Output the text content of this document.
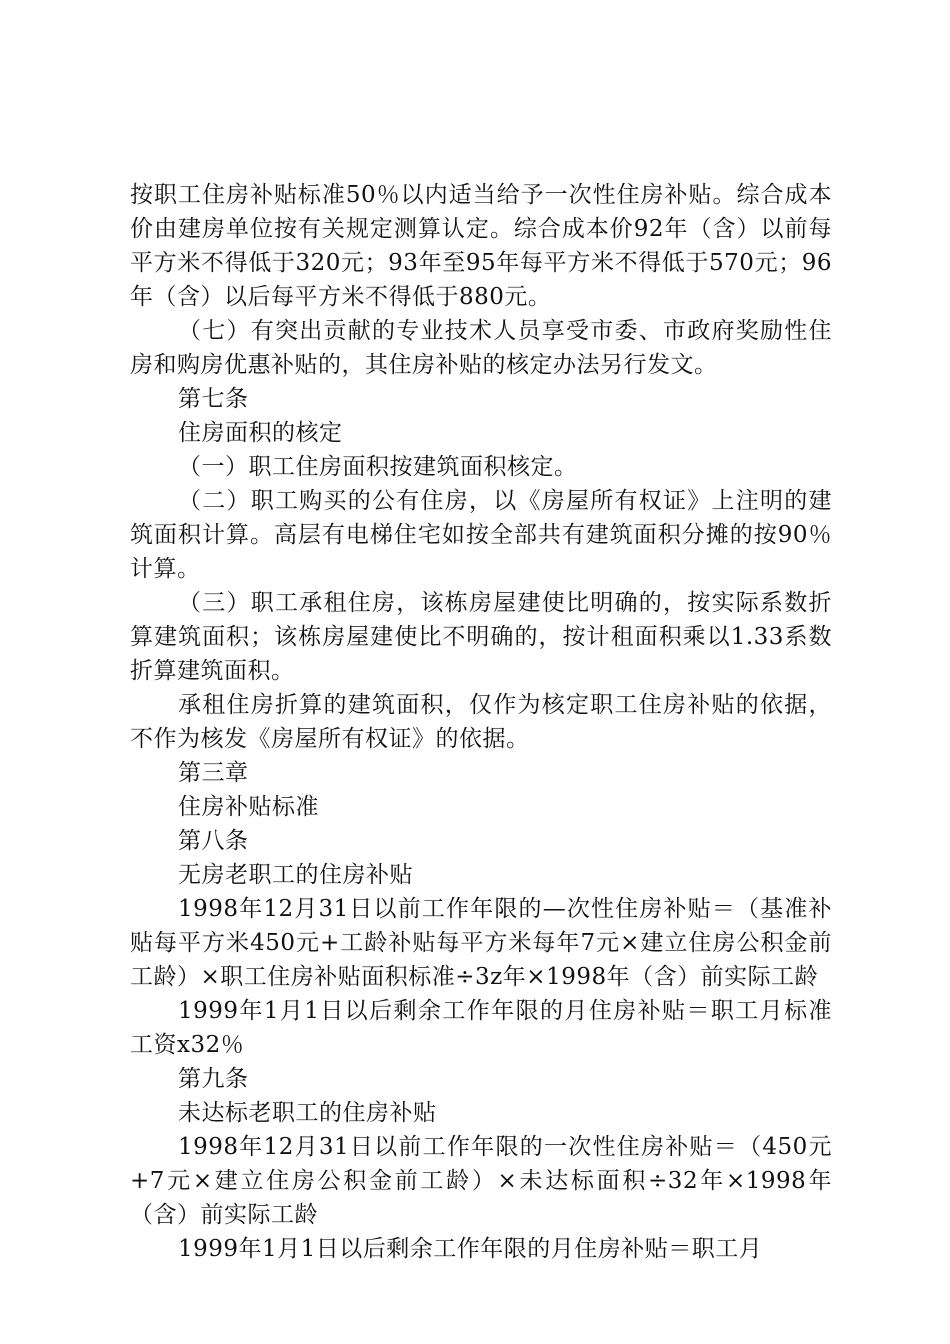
按职工住房补贴标准50％以内适当给予一次性住房补贴。综合成本价由建房单位按有关规定测算认定。综合成本价92年（含）以前每平方米不得低于320元；93年至95年每平方米不得低于570元；96年（含）以后每平方米不得低于880元。

（七）有突出贡献的专业技术人员享受市委、市政府奖励性住房和购房优惠补贴的，其住房补贴的核定办法另行发文。

第七条

住房面积的核定

（一）职工住房面积按建筑面积核定。

（二）职工购买的公有住房，以《房屋所有权证》上注明的建筑面积计算。高层有电梯住宅如按全部共有建筑面积分摊的按90％计算。

（三）职工承租住房，该栋房屋建使比明确的，按实际系数折算建筑面积；该栋房屋建使比不明确的，按计租面积乘以1.33系数折算建筑面积。

承租住房折算的建筑面积，仅作为核定职工住房补贴的依据，不作为核发《房屋所有权证》的依据。

第三章

住房补贴标准

第八条

无房老职工的住房补贴

1998年12月31日以前工作年限的—次性住房补贴＝（基准补贴每平方米450元+工龄补贴每平方米每年7元×建立住房公积金前工龄）×职工住房补贴面积标准÷3z年×1998年（含）前实际工龄

1999年1月1日以后剩余工作年限的月住房补贴＝职工月标准工资x32％

第九条

未达标老职工的住房补贴

1998年12月31日以前工作年限的一次性住房补贴＝（450元+7元×建立住房公积金前工龄）×未达标面积÷32年×1998年（含）前实际工龄

1999年1月1日以后剩余工作年限的月住房补贴＝职工月
